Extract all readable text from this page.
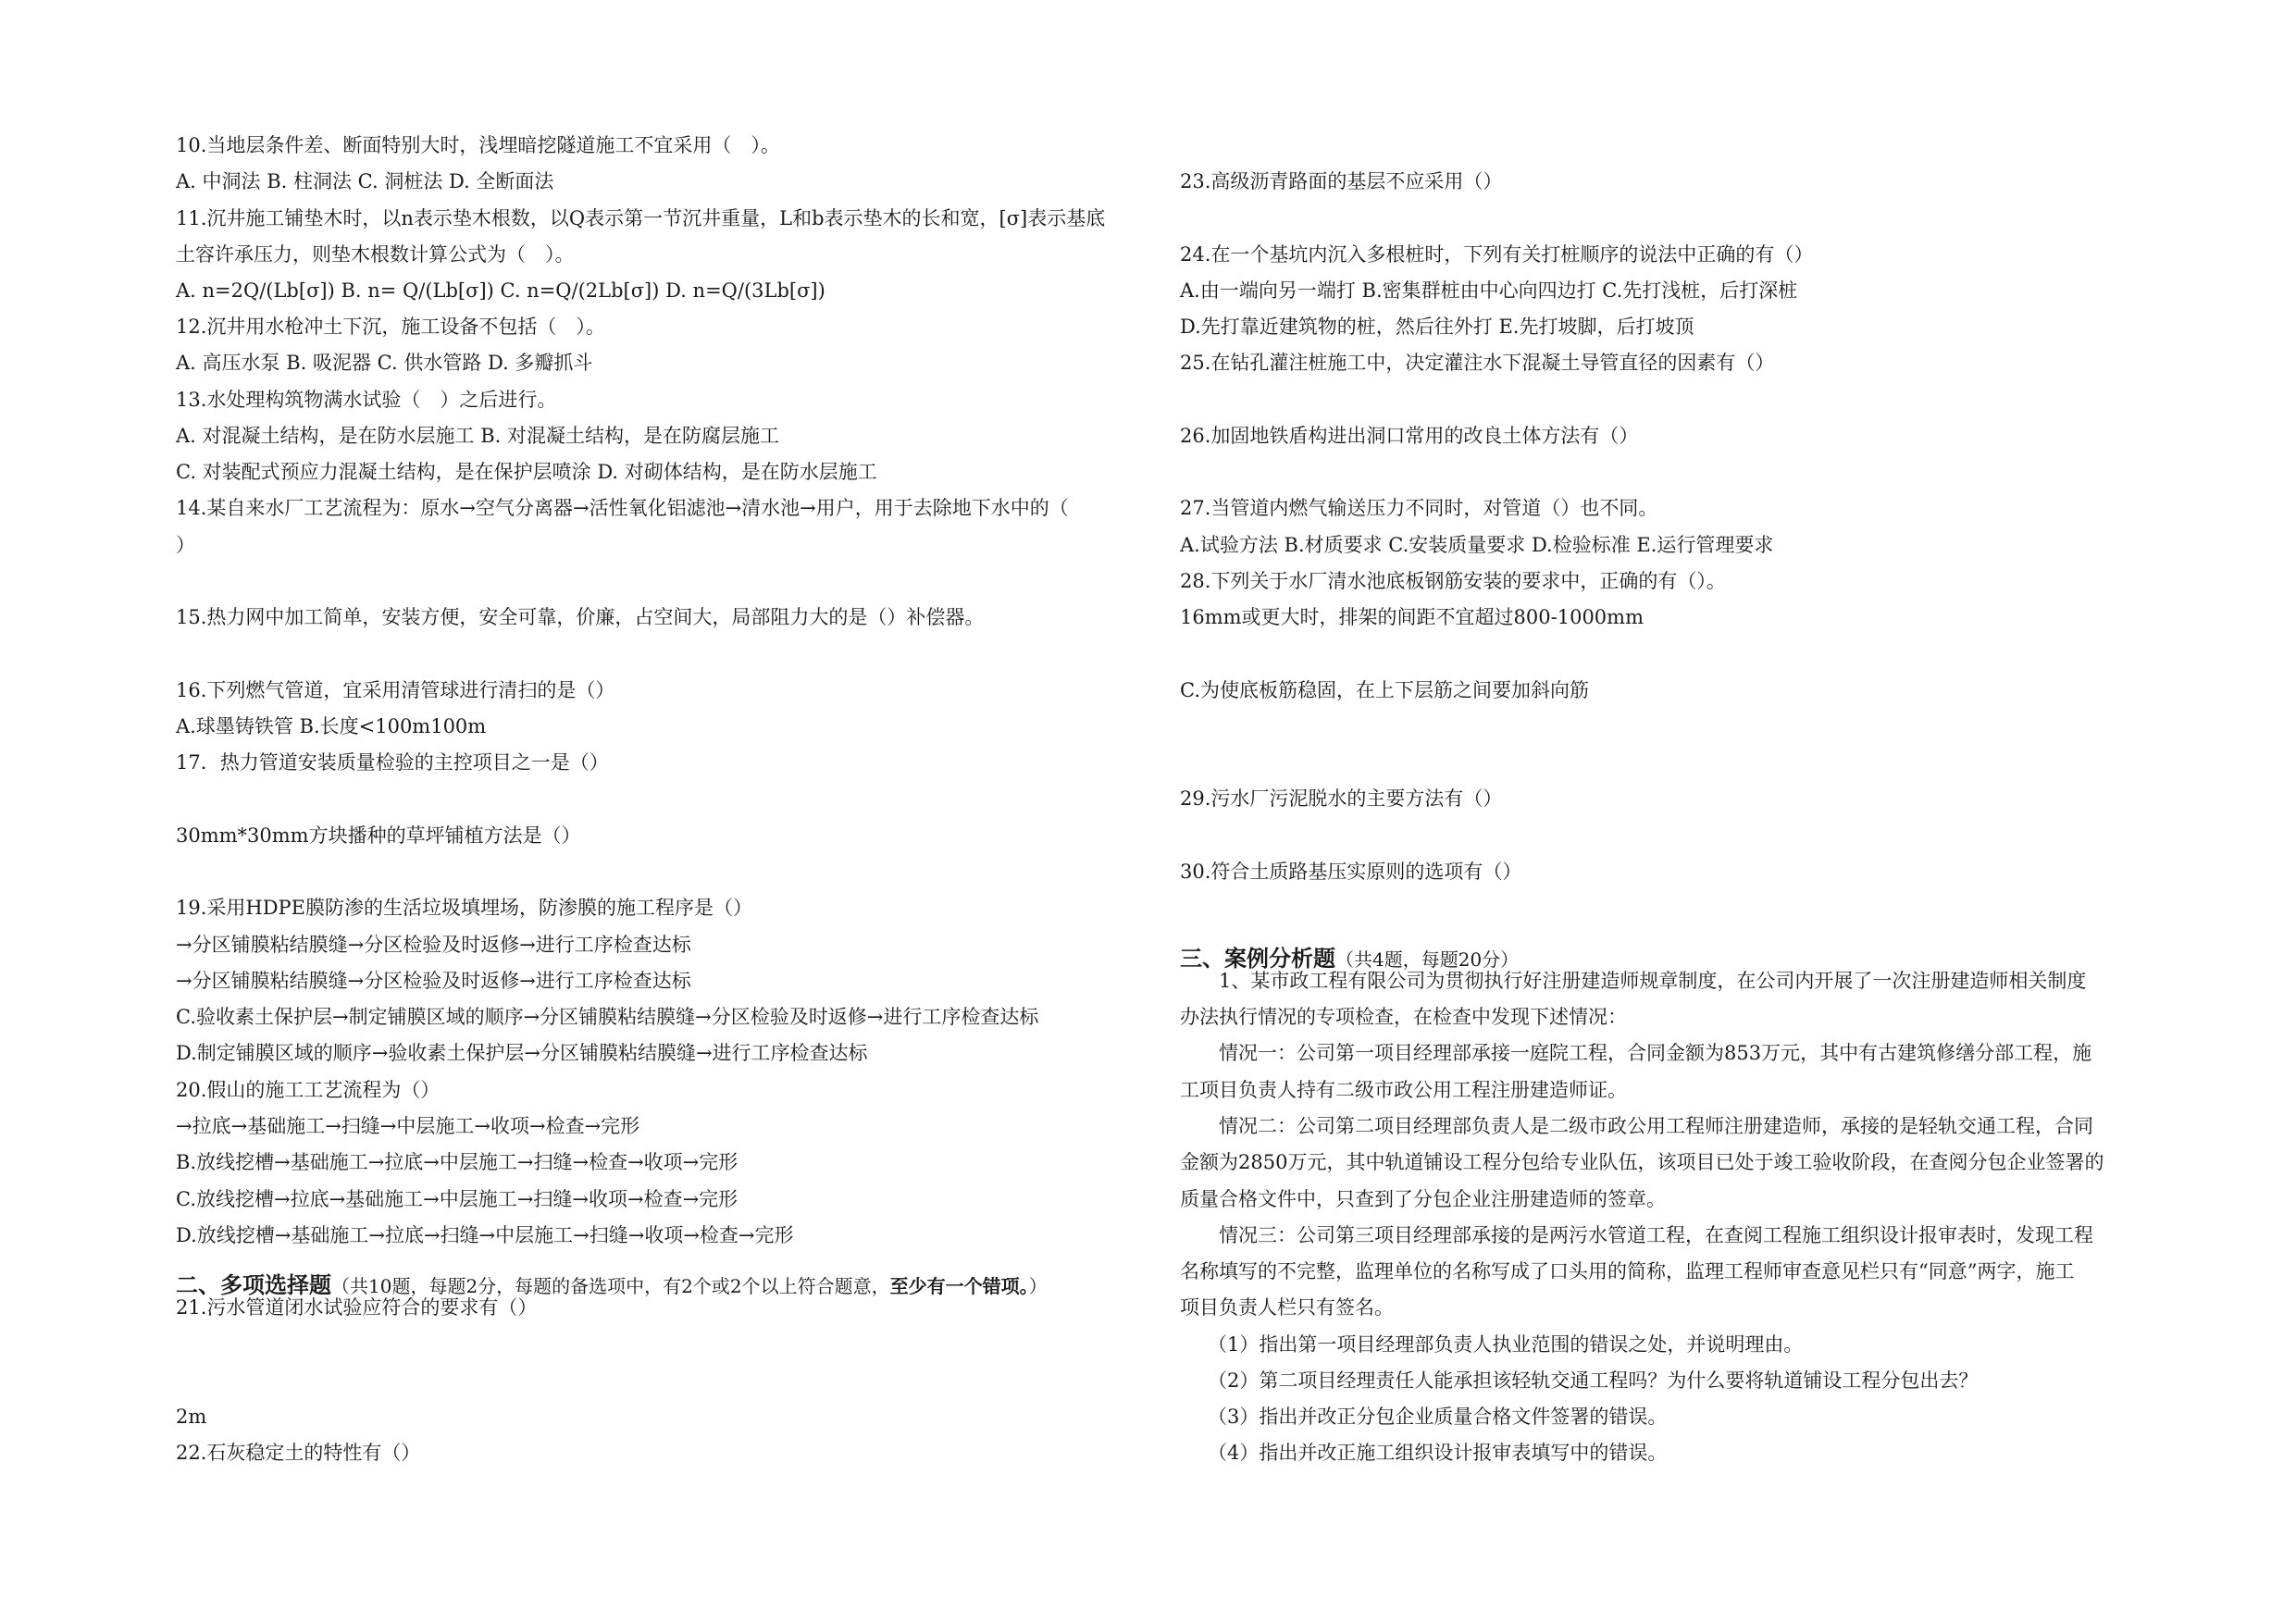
10.当地层条件差、断面特别大时，浅埋暗挖隧道施工不宜采用（　）。
A. 中洞法 B. 柱洞法 C. 洞桩法 D. 全断面法
11.沉井施工铺垫木时，以n表示垫木根数，以Q表示第一节沉井重量，L和b表示垫木的长和宽，[σ]表示基底
土容许承压力，则垫木根数计算公式为（　）。
A. n=2Q/(Lb[σ]) B. n= Q/(Lb[σ]) C. n=Q/(2Lb[σ]) D. n=Q/(3Lb[σ])
12.沉井用水枪冲土下沉，施工设备不包括（　）。
A. 高压水泵 B. 吸泥器 C. 供水管路 D. 多瓣抓斗
13.水处理构筑物满水试验（　）之后进行。
A. 对混凝土结构，是在防水层施工 B. 对混凝土结构，是在防腐层施工
C. 对装配式预应力混凝土结构，是在保护层喷涂 D. 对砌体结构，是在防水层施工
14.某自来水厂工艺流程为：原水→空气分离器→活性氧化铝滤池→清水池→用户，用于去除地下水中的（
）
15.热力网中加工简单，安装方便，安全可靠，价廉，占空间大，局部阻力大的是（）补偿器。
16.下列燃气管道，宜采用清管球进行清扫的是（）
A.球墨铸铁管 B.长度<100m100m
17．热力管道安装质量检验的主控项目之一是（）
30mm*30mm方块播种的草坪铺植方法是（）
19.采用HDPE膜防渗的生活垃圾填埋场，防渗膜的施工程序是（）
→分区铺膜粘结膜缝→分区检验及时返修→进行工序检查达标
→分区铺膜粘结膜缝→分区检验及时返修→进行工序检查达标
C.验收素土保护层→制定铺膜区域的顺序→分区铺膜粘结膜缝→分区检验及时返修→进行工序检查达标
D.制定铺膜区域的顺序→验收素土保护层→分区铺膜粘结膜缝→进行工序检查达标
20.假山的施工工艺流程为（）
→拉底→基础施工→扫缝→中层施工→收项→检查→完形
B.放线挖槽→基础施工→拉底→中层施工→扫缝→检查→收项→完形
C.放线挖槽→拉底→基础施工→中层施工→扫缝→收项→检查→完形
D.放线挖槽→基础施工→拉底→扫缝→中层施工→扫缝→收项→检查→完形
21.污水管道闭水试验应符合的要求有（）
2m
22.石灰稳定土的特性有（）
二、多项选择题（共10题，每题2分，每题的备选项中，有2个或2个以上符合题意，至少有一个错项。）
23.高级沥青路面的基层不应采用（）
24.在一个基坑内沉入多根桩时，下列有关打桩顺序的说法中正确的有（）
A.由一端向另一端打 B.密集群桩由中心向四边打 C.先打浅桩，后打深桩
D.先打靠近建筑物的桩，然后往外打 E.先打坡脚，后打坡顶
25.在钻孔灌注桩施工中，决定灌注水下混凝土导管直径的因素有（）
26.加固地铁盾构进出洞口常用的改良土体方法有（）
27.当管道内燃气输送压力不同时，对管道（）也不同。
A.试验方法 B.材质要求 C.安装质量要求 D.检验标准 E.运行管理要求
28.下列关于水厂清水池底板钢筋安装的要求中，正确的有（）。
16mm或更大时，排架的间距不宜超过800-1000mm
C.为使底板筋稳固，在上下层筋之间要加斜向筋
29.污水厂污泥脱水的主要方法有（）
30.符合土质路基压实原则的选项有（）
三、案例分析题（共4题，每题20分）
1、某市政工程有限公司为贯彻执行好注册建造师规章制度，在公司内开展了一次注册建造师相关制度
办法执行情况的专项检查，在检查中发现下述情况：
情况一：公司第一项目经理部承接一庭院工程，合同金额为853万元，其中有古建筑修缮分部工程，施
工项目负责人持有二级市政公用工程注册建造师证。
情况二：公司第二项目经理部负责人是二级市政公用工程师注册建造师，承接的是轻轨交通工程，合同
金额为2850万元，其中轨道铺设工程分包给专业队伍，该项目已处于竣工验收阶段，在查阅分包企业签署的
质量合格文件中，只查到了分包企业注册建造师的签章。
情况三：公司第三项目经理部承接的是两污水管道工程，在查阅工程施工组织设计报审表时，发现工程
名称填写的不完整，监理单位的名称写成了口头用的简称，监理工程师审查意见栏只有“同意”两字，施工
项目负责人栏只有签名。
（1）指出第一项目经理部负责人执业范围的错误之处，并说明理由。
（2）第二项目经理责任人能承担该轻轨交通工程吗？为什么要将轨道铺设工程分包出去？
（3）指出并改正分包企业质量合格文件签署的错误。
（4）指出并改正施工组织设计报审表填写中的错误。
